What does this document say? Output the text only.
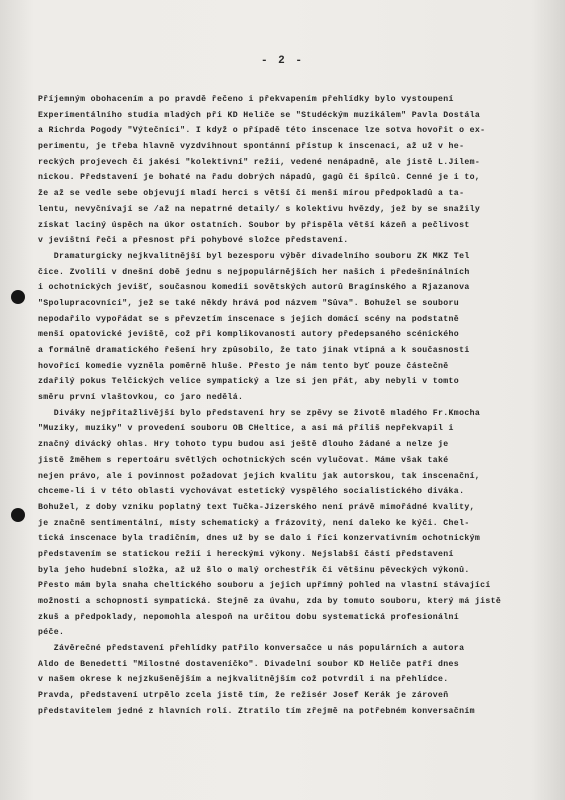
- 2 -
Příjemným obohacením a po pravdě řečeno i překvapením přehlídky bylo vystoupení
Experimentálního studia mladých při KD Heliče se "Studéckým muzikálem" Pavla Dostála
a Richrda Pogody "Výtečníci". I když o případě této inscenace lze sotva hovořit o ex-
perimentu, je třeba hlavně vyzdvihnout spontánní přístup k inscenaci, až už v he-
reckých projevech či jakési "kolektivní" režii, vedené nenápadně, ale jistě L.Jilem-
nickou. Představení je bohaté na řadu dobrých nápadů, gagů či špílců. Cenné je i to,
že až se vedle sebe objevují mladí herci s větší či menší mírou předpokladů a ta-
lentu, nevyčnívají se /až na nepatrné detaily/ s kolektivu hvězdy, jež by se snažily
získat laciný úspěch na úkor ostatních. Soubor by přispěla větší kázeň a pečlivost
v jevištní řeči a přesnost při pohybové složce představení.
Dramaturgicky nejkvalitnější byl bezesporu výběr divadelního souboru ZK MKZ Tel
čice. Zvolili v dnešní době jednu s nejpopulárnějších her našich i předešnínálních
i ochotnických jevišť, současnou komedii sovětských autorů Bragínského a Rjazanova
"Spolupracovníci", jež se také někdy hrává pod názvem "Sůva". Bohužel se souboru
nepodařilo vypořádat se s převzetím inscenace s jejich domácí scény na podstatně
menší opatovické jeviště, což při komplikovanosti autory předepsaného scénického
a formálně dramatického řešení hry způsobilo, že tato jinak vtipná a k současnosti
hovořící komedie vyzněla poměrně hluše. Přesto je nám tento byť pouze částečně
zdařilý pokus Telčických velice sympatický a lze si jen přát, aby nebyli v tomto
směru první vlaštovkou, co jaro nedělá.
Diváky nejpřitažlivější bylo představení hry se zpěvy se životě mladého Fr.Kmocha
"Muziky, muziky" v provedení souboru OB CHeltice, a asi má příliš nepřekvapil i
značný divácký ohlas. Hry tohoto typu budou asi ještě dlouho žádané a nelze je
jistě žměhem s repertoáru světlých ochotnických scén vylučovat. Máme však také
nejen právo, ale i povinnost požadovat jejich kvalitu jak autorskou, tak inscenační,
chceme-li i v této oblasti vychovávat estetický vyspělého socialistického diváka.
Bohužel, z doby vzniku poplatný text Tučka-Jizerského není právě mimořádné kvality,
je značně sentimentální, místy schematický a frázovitý, není daleko ke kýči. Chel-
tická inscenace byla tradičním, dnes už by se dalo i říci konzervativním ochotnickým
představením se statickou režií i hereckými výkony. Nejslabší částí představení
byla jeho hudební složka, až už šlo o malý orchestřík či většinu pěveckých výkonů.
Přesto mám byla snaha cheltického souboru a jejich upřímný pohled na vlastní stávající
možnosti a schopnosti sympatická. Stejně za úvahu, zda by tomuto souboru, který má jistě
zkuš a předpoklady, nepomohla alespoň na určitou dobu systematická profesionální
péče.
Závěrečné představení přehlídky patřilo konversačce u nás populárních a autora
Aldo de Benedetti "Milostné dostaveníčko". Divadelní soubor KD Heliče patří dnes
v našem okrese k nejzkušenějším a nejkvalitnějším což potvrdil i na přehlídce.
Pravda, představení utrpělo zcela jistě tím, že režisér Josef Kerák je zároveň
představitelem jedné z hlavních rolí. Ztratilo tím zřejmě na potřebném konversačním
